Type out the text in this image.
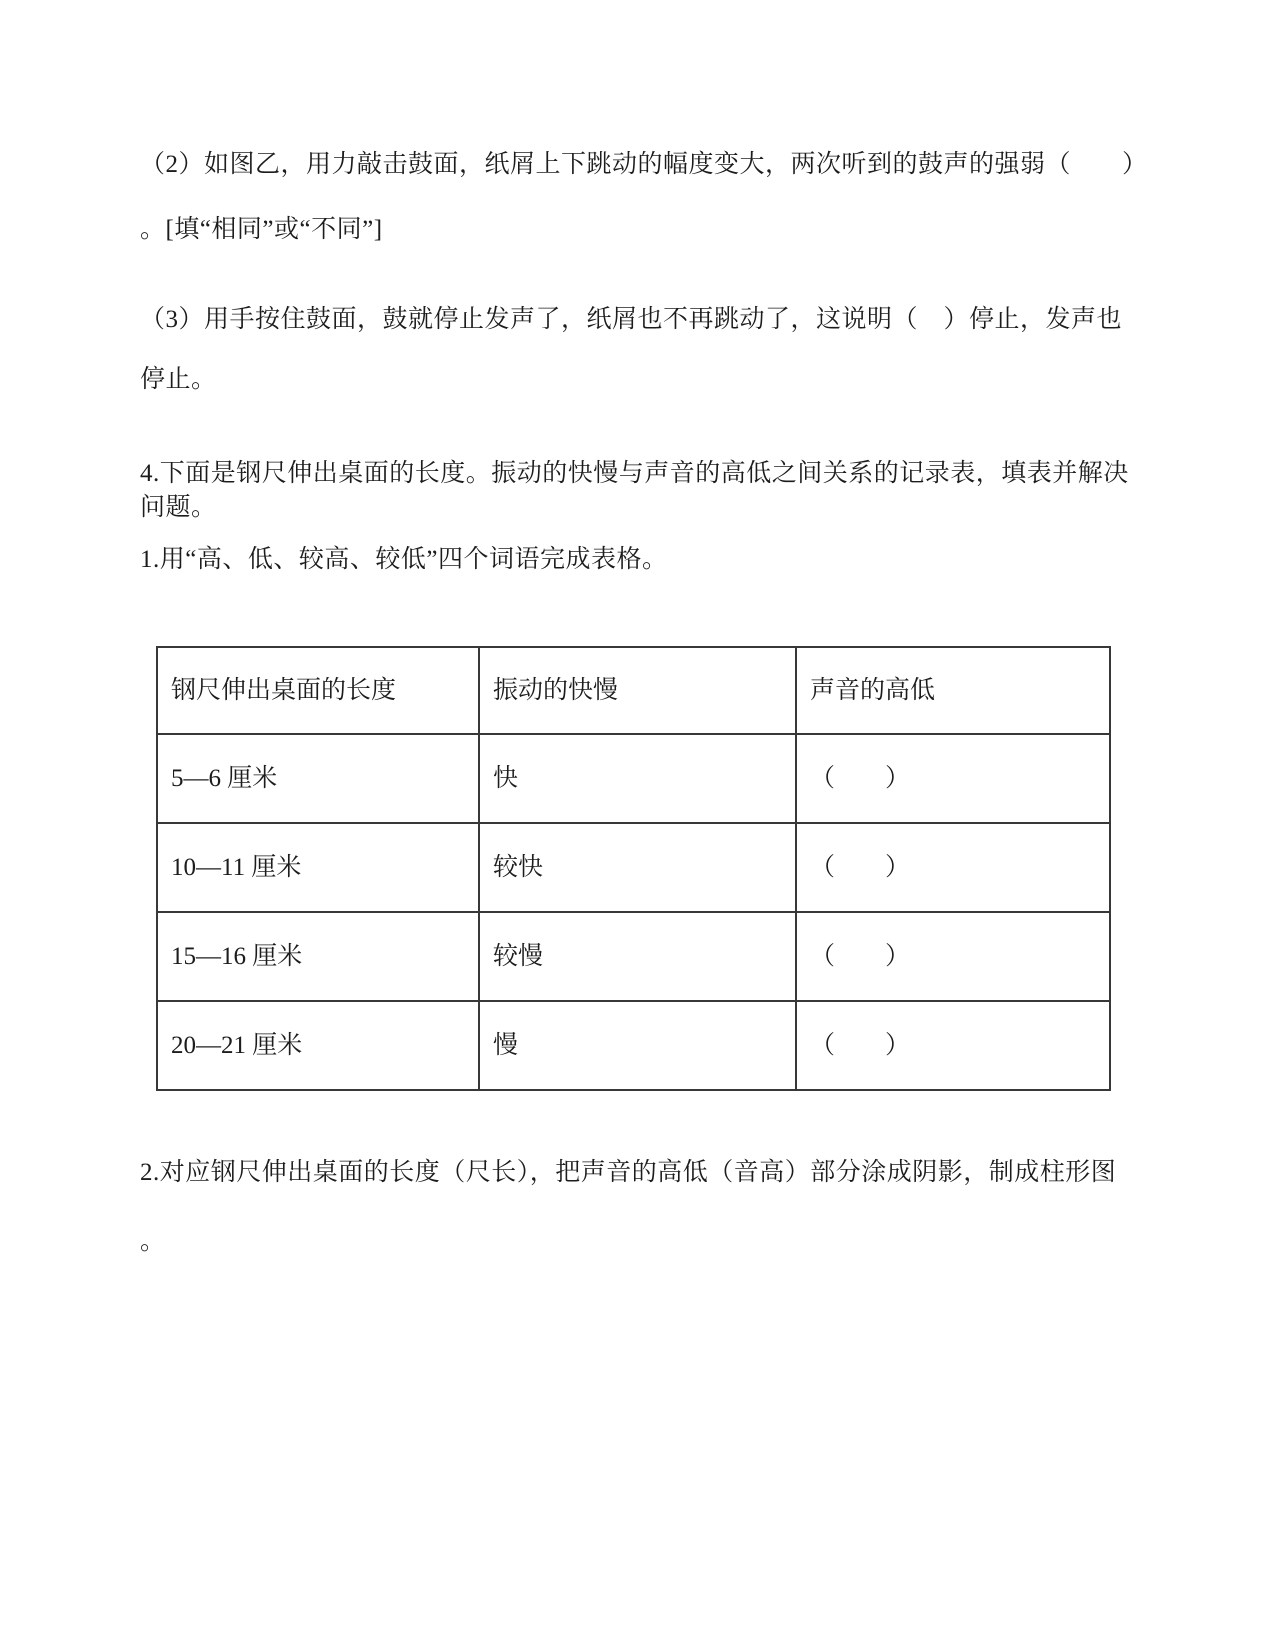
（2）如图乙，用力敲击鼓面，纸屑上下跳动的幅度变大，两次听到的鼓声的强弱（　　）
。[填“相同”或“不同”]
（3）用手按住鼓面，鼓就停止发声了，纸屑也不再跳动了，这说明（　）停止，发声也
停止。
4.下面是钢尺伸出桌面的长度。振动的快慢与声音的高低之间关系的记录表，填表并解决
问题。
1.用“高、低、较高、较低”四个词语完成表格。
钢尺伸出桌面的长度	振动的快慢	声音的高低
5—6 厘米	快	（　　）
10—11 厘米	较快	（　　）
15—16 厘米	较慢	（　　）
20—21 厘米	慢	（　　）
2.对应钢尺伸出桌面的长度（尺长），把声音的高低（音高）部分涂成阴影，制成柱形图
。
